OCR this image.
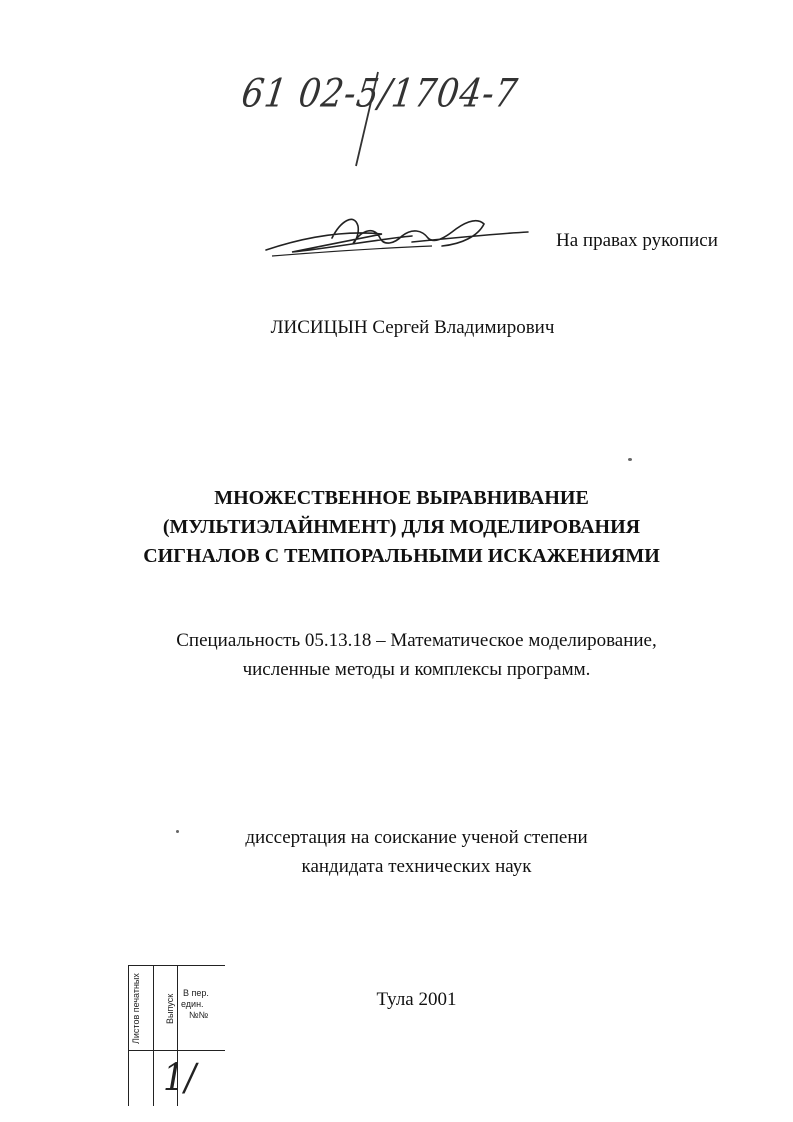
61 02-5/1704-7
На правах рукописи
ЛИСИЦЫН Сергей Владимирович
МНОЖЕСТВЕННОЕ ВЫРАВНИВАНИЕ
(МУЛЬТИЭЛАЙНМЕНТ) ДЛЯ МОДЕЛИРОВАНИЯ
СИГНАЛОВ С ТЕМПОРАЛЬНЫМИ ИСКАЖЕНИЯМИ
Специальность 05.13.18 – Математическое моделирование,
численные методы и комплексы программ.
диссертация на соискание ученой степени
кандидата технических наук
Тула 2001
Листов печатных	Выпуск
В пер.
един.
№№
1/
